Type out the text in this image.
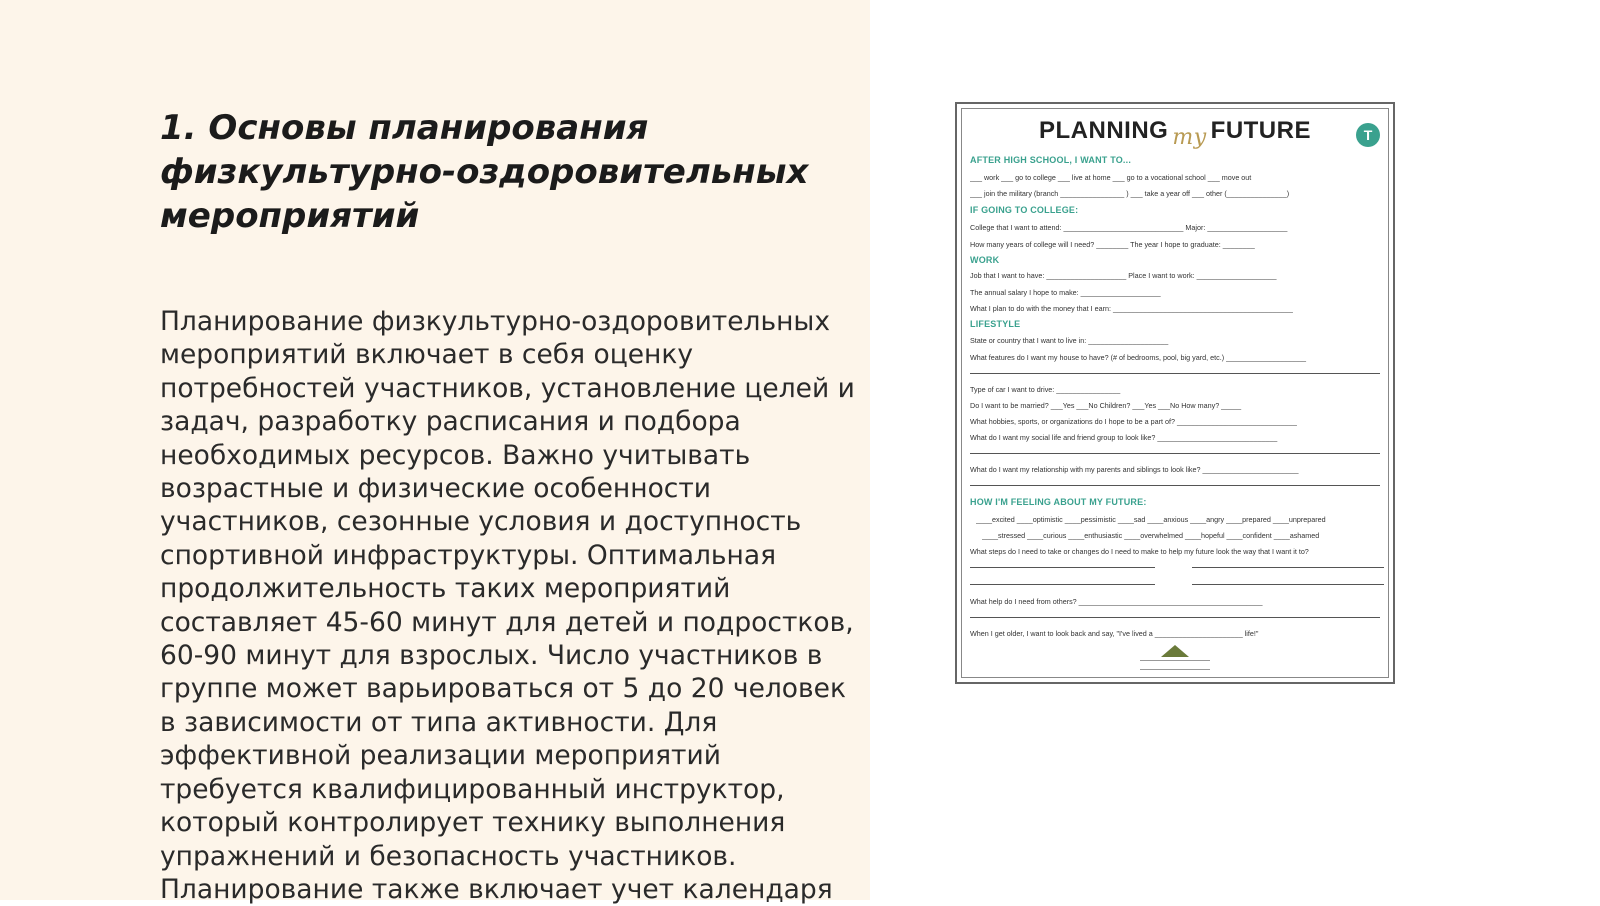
1. Основы планирования
физкультурно-оздоровительных
мероприятий
Планирование физкультурно-оздоровительных
мероприятий включает в себя оценку
потребностей участников, установление целей и
задач, разработку расписания и подбора
необходимых ресурсов. Важно учитывать
возрастные и физические особенности
участников, сезонные условия и доступность
спортивной инфраструктуры. Оптимальная
продолжительность таких мероприятий
составляет 45-60 минут для детей и подростков,
60-90 минут для взрослых. Число участников в
группе может варьироваться от 5 до 20 человек
в зависимости от типа активности. Для
эффективной реализации мероприятий
требуется квалифицированный инструктор,
который контролирует технику выполнения
упражнений и безопасность участников.
Планирование также включает учет календаря
PLANNING my FUTURE	T
AFTER HIGH SCHOOL, I WANT TO...
___ work ___ go to college ___ live at home ___ go to a vocational school ___ move out
___ join the military (branch ________________ ) ___ take a year off ___ other (_______________)
IF GOING TO COLLEGE:
College that I want to attend: ______________________________ Major: ____________________
How many years of college will I need? ________ The year I hope to graduate: ________
WORK
Job that I want to have: ____________________ Place I want to work: ____________________
The annual salary I hope to make: ____________________
What I plan to do with the money that I earn: _____________________________________________
LIFESTYLE
State or country that I want to live in: ____________________
What features do I want my house to have? (# of bedrooms, pool, big yard, etc.) ____________________
Type of car I want to drive: ________________
Do I want to be married? ___Yes ___No Children? ___Yes ___No How many? _____
What hobbies, sports, or organizations do I hope to be a part of? ______________________________
What do I want my social life and friend group to look like? ______________________________
What do I want my relationship with my parents and siblings to look like? ________________________
HOW I'M FEELING ABOUT MY FUTURE:
____excited ____optimistic ____pessimistic ____sad ____anxious ____angry ____prepared ____unprepared
____stressed ____curious ____enthusiastic ____overwhelmed ____hopeful ____confident ____ashamed
What steps do I need to take or changes do I need to make to help my future look the way that I want it to?
What help do I need from others? ______________________________________________
When I get older, I want to look back and say, "I've lived a ______________________ life!"
